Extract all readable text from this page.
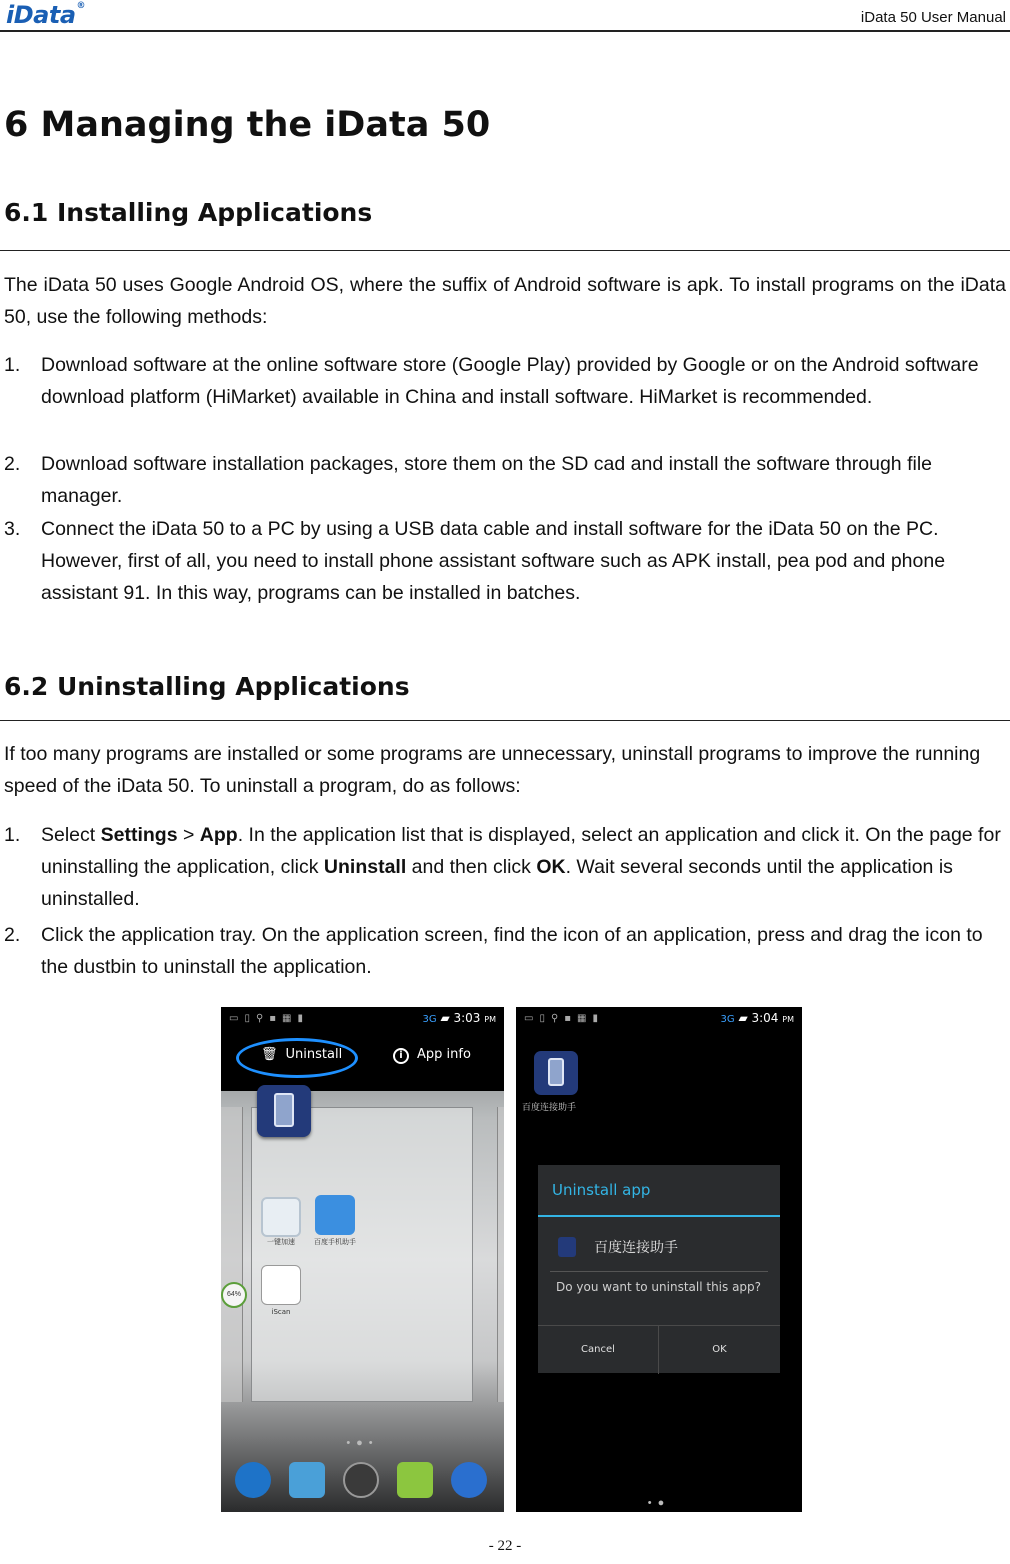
iData®
iData 50 User Manual
6 Managing the iData 50
6.1 Installing Applications
The iData 50 uses Google Android OS, where the suffix of Android software is apk. To install programs on the iData 50, use the following methods:
1. Download software at the online software store (Google Play) provided by Google or on the Android software download platform (HiMarket) available in China and install software. HiMarket is recommended.
2. Download software installation packages, store them on the SD cad and install the software through file manager.
3. Connect the iData 50 to a PC by using a USB data cable and install software for the iData 50 on the PC. However, first of all, you need to install phone assistant software such as APK install, pea pod and phone assistant 91. In this way, programs can be installed in batches.
6.2 Uninstalling Applications
If too many programs are installed or some programs are unnecessary, uninstall programs to improve the running speed of the iData 50. To uninstall a program, do as follows:
1. Select Settings > App. In the application list that is displayed, select an application and click it. On the page for uninstalling the application, click Uninstall and then click OK. Wait several seconds until the application is uninstalled.
2. Click the application tray. On the application screen, find the icon of an application, press and drag the icon to the dustbin to uninstall the application.
▭▯⚲▪▦▮	3G ▰ 3:03 PM
🗑 Uninstall	i App info
一键加速	百度手机助手
iScan
64%
•●•
▭▯⚲▪▦▮	3G ▰ 3:04 PM
百度连接助手
Uninstall app
百度连接助手
Do you want to uninstall this app?
Cancel	OK
•●
- 22 -
